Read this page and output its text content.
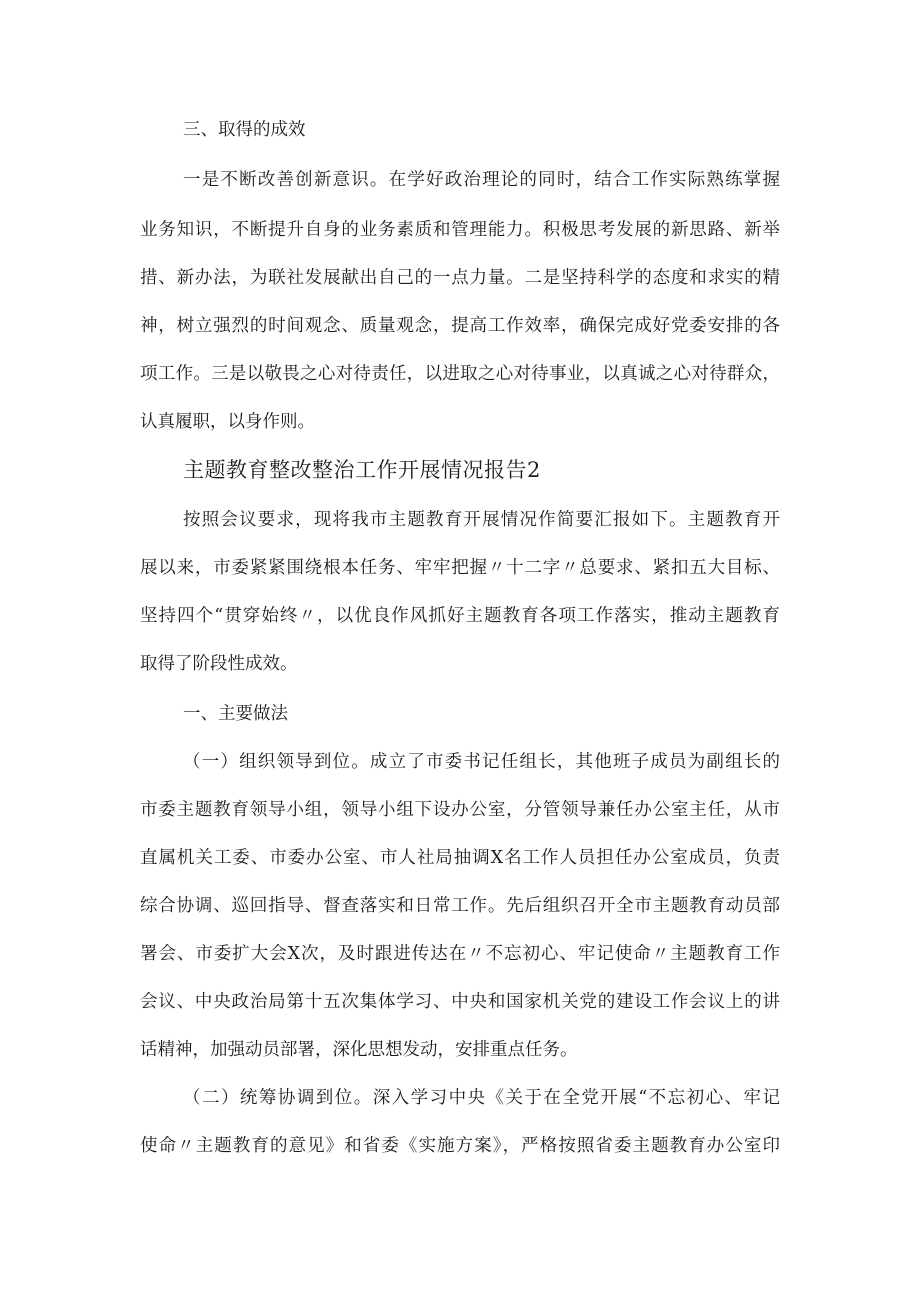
三、取得的成效
一是不断改善创新意识。在学好政治理论的同时，结合工作实际熟练掌握
业务知识，不断提升自身的业务素质和管理能力。积极思考发展的新思路、新举
措、新办法，为联社发展献出自己的一点力量。二是坚持科学的态度和求实的精
神，树立强烈的时间观念、质量观念，提高工作效率，确保完成好党委安排的各
项工作。三是以敬畏之心对待责任，以进取之心对待事业，以真诚之心对待群众，
认真履职，以身作则。
主题教育整改整治工作开展情况报告2
按照会议要求，现将我市主题教育开展情况作简要汇报如下。主题教育开
展以来，市委紧紧围绕根本任务、牢牢把握〃十二字〃总要求、紧扣五大目标、
坚持四个“贯穿始终〃，以优良作风抓好主题教育各项工作落实，推动主题教育
取得了阶段性成效。
一、主要做法
（一）组织领导到位。成立了市委书记任组长，其他班子成员为副组长的
市委主题教育领导小组，领导小组下设办公室，分管领导兼任办公室主任，从市
直属机关工委、市委办公室、市人社局抽调X名工作人员担任办公室成员，负责
综合协调、巡回指导、督查落实和日常工作。先后组织召开全市主题教育动员部
署会、市委扩大会X次，及时跟进传达在〃不忘初心、牢记使命〃主题教育工作
会议、中央政治局第十五次集体学习、中央和国家机关党的建设工作会议上的讲
话精神，加强动员部署，深化思想发动，安排重点任务。
（二）统筹协调到位。深入学习中央《关于在全党开展“不忘初心、牢记
使命〃主题教育的意见》和省委《实施方案》，严格按照省委主题教育办公室印
